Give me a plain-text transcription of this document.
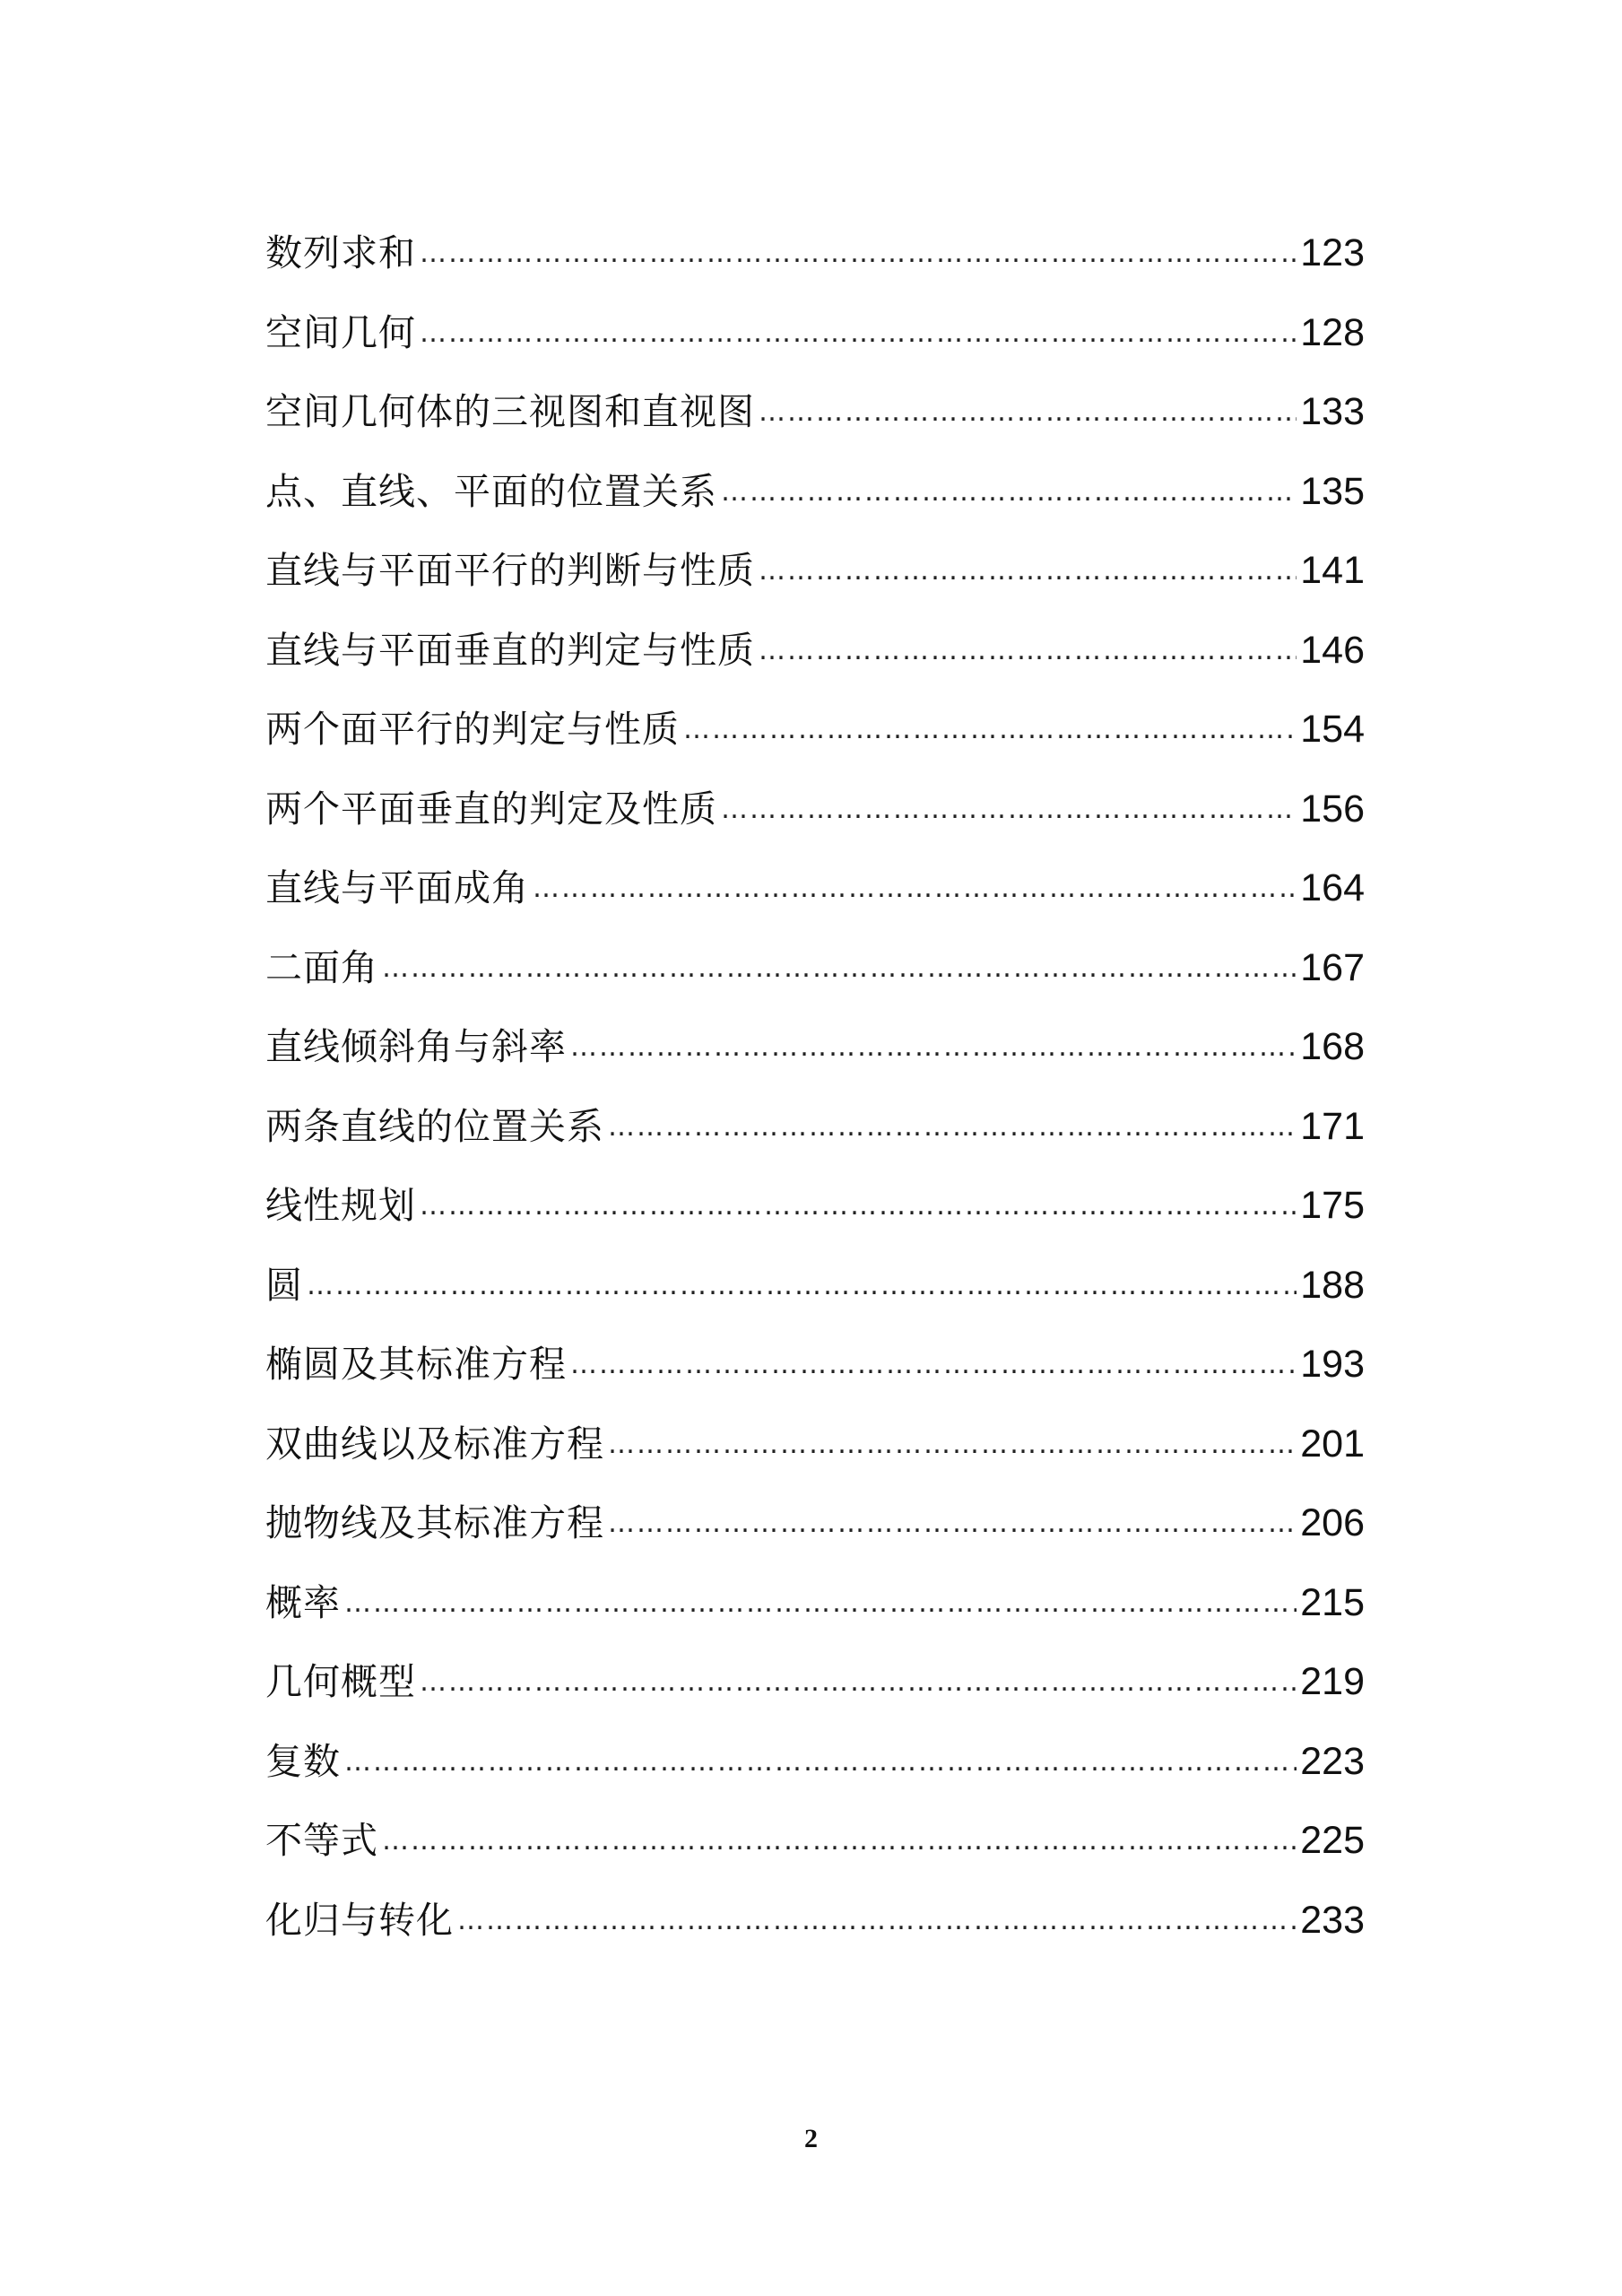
数列求和 ……………………………………………………………………………………………………………………………………………………………………………………………………	123
空间几何 ……………………………………………………………………………………………………………………………………………………………………………………………………	128
空间几何体的三视图和直视图 ……………………………………………………………………………………………………………………………………………………………………………………………………	133
点、直线、平面的位置关系 ……………………………………………………………………………………………………………………………………………………………………………………………………	135
直线与平面平行的判断与性质 ……………………………………………………………………………………………………………………………………………………………………………………………………	141
直线与平面垂直的判定与性质 ……………………………………………………………………………………………………………………………………………………………………………………………………	146
两个面平行的判定与性质 ……………………………………………………………………………………………………………………………………………………………………………………………………	154
两个平面垂直的判定及性质 ……………………………………………………………………………………………………………………………………………………………………………………………………	156
直线与平面成角 ……………………………………………………………………………………………………………………………………………………………………………………………………	164
二面角 ……………………………………………………………………………………………………………………………………………………………………………………………………	167
直线倾斜角与斜率 ……………………………………………………………………………………………………………………………………………………………………………………………………	168
两条直线的位置关系 ……………………………………………………………………………………………………………………………………………………………………………………………………	171
线性规划 ……………………………………………………………………………………………………………………………………………………………………………………………………	175
圆 ……………………………………………………………………………………………………………………………………………………………………………………………………	188
椭圆及其标准方程 ……………………………………………………………………………………………………………………………………………………………………………………………………	193
双曲线以及标准方程 ……………………………………………………………………………………………………………………………………………………………………………………………………	201
抛物线及其标准方程 ……………………………………………………………………………………………………………………………………………………………………………………………………	206
概率 ……………………………………………………………………………………………………………………………………………………………………………………………………	215
几何概型 ……………………………………………………………………………………………………………………………………………………………………………………………………	219
复数 ……………………………………………………………………………………………………………………………………………………………………………………………………	223
不等式 ……………………………………………………………………………………………………………………………………………………………………………………………………	225
化归与转化 ……………………………………………………………………………………………………………………………………………………………………………………………………	233
2
